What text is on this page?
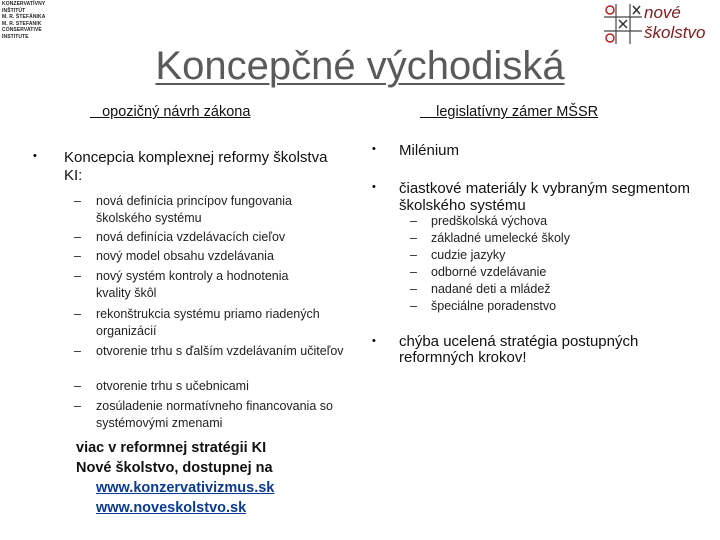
KONZERVATÍVNY
INŠTITÚT
M. R. ŠTEFÁNIKA
M. R. STEFANIK
CONSERVATIVE
INSTITUTE
nové
školstvo
Koncepčné východiská
opozičný návrh zákona	legislatívny zámer MŠSR
• Koncepcia komplexnej reformy školstva KI:
– nová definícia princípov fungovania školského systému
– nová definícia vzdelávacích cieľov
– nový model obsahu vzdelávania
– nový systém kontroly a hodnotenia kvality škôl
– rekonštrukcia systému priamo riadených organizácií
– otvorenie trhu s ďalším vzdelávaním učiteľov
– otvorenie trhu s učebnicami
– zosúladenie normatívneho financovania so systémovými zmenami
viac v reformnej stratégii KI
Nové školstvo, dostupnej na
www.konzervativizmus.sk
www.noveskolstvo.sk
• Milénium
• čiastkové materiály k vybraným segmentom školského systému
– predškolská výchova
– základné umelecké školy
– cudzie jazyky
– odborné vzdelávanie
– nadané deti a mládež
– špeciálne poradenstvo
• chýba ucelená stratégia postupných reformných krokov!
